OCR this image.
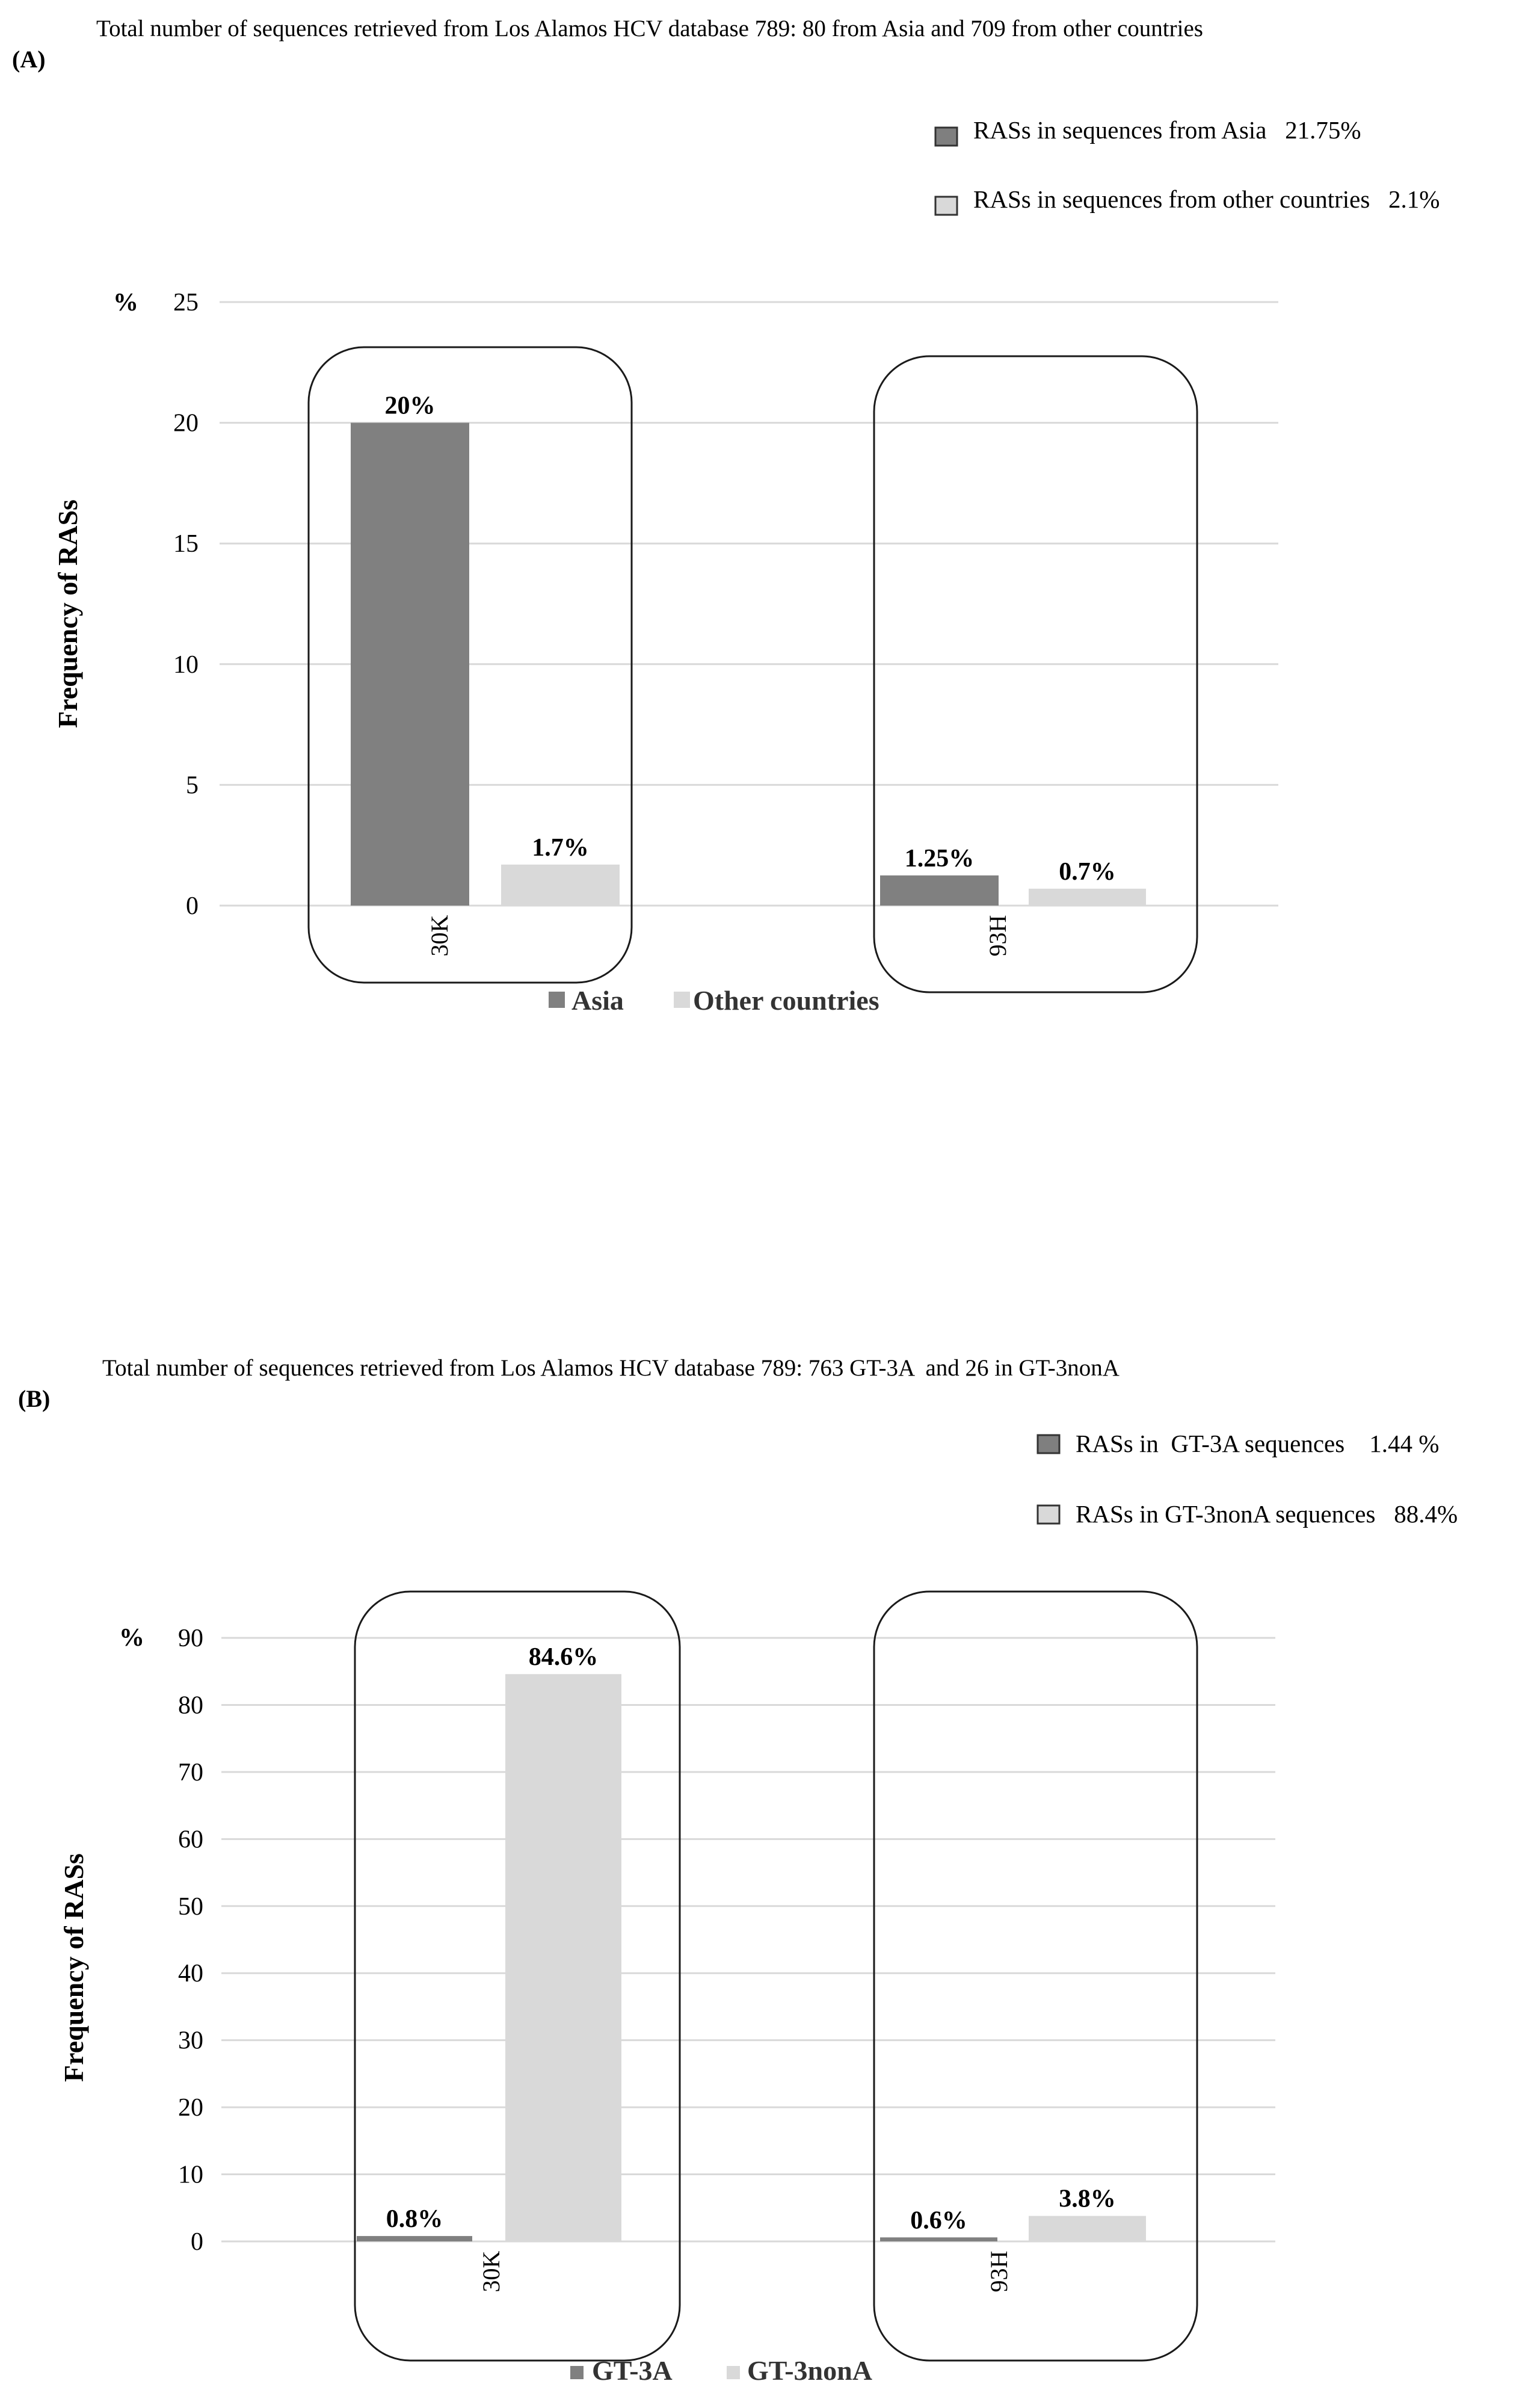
Total number of sequences retrieved from Los Alamos HCV database 789: 80 from Asia and 709 from other countries
(A)
RASs in sequences from Asia   21.75%
RASs in sequences from other countries   2.1%
%
Frequency of RASs
0
5
10
15
20
25
20%
1.25%
1.7%
0.7%
30K	93H
Asia	Other countries
Total number of sequences retrieved from Los Alamos HCV database 789: 763 GT-3A  and 26 in GT-3nonA
(B)
RASs in  GT-3A sequences    1.44 %
RASs in GT-3nonA sequences   88.4%
%
Frequency of RASs
0
10
20
30
40
50
60
70
80
90
0.8%	0.6%
84.6%
3.8%
30K	93H
GT-3A	GT-3nonA
